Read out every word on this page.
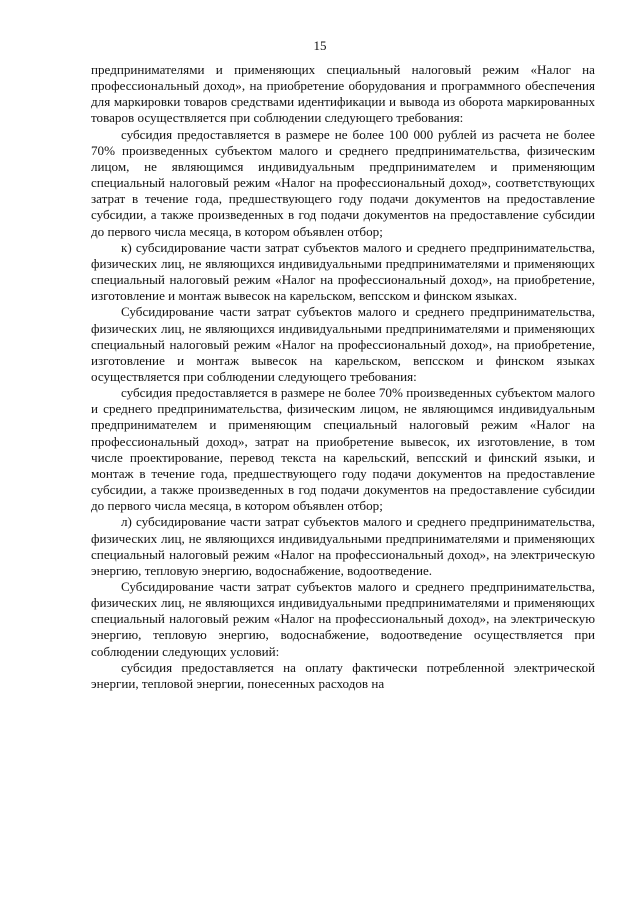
15

предпринимателями и применяющих специальный налоговый режим «Налог на профессиональный доход», на приобретение оборудования и программного обеспечения для маркировки товаров средствами идентификации и вывода из оборота маркированных товаров осуществляется при соблюдении следующего требования:

субсидия предоставляется в размере не более 100 000 рублей из расчета не более 70% произведенных субъектом малого и среднего предпринимательства, физическим лицом, не являющимся индивидуальным предпринимателем и применяющим специальный налоговый режим «Налог на профессиональный доход», соответствующих затрат в течение года, предшествующего году подачи документов на предоставление субсидии, а также произведенных в год подачи документов на предоставление субсидии до первого числа месяца, в котором объявлен отбор;

к) субсидирование части затрат субъектов малого и среднего предпринимательства, физических лиц, не являющихся индивидуальными предпринимателями и применяющих специальный налоговый режим «Налог на профессиональный доход», на приобретение, изготовление и монтаж вывесок на карельском, вепсском и финском языках.

Субсидирование части затрат субъектов малого и среднего предпринимательства, физических лиц, не являющихся индивидуальными предпринимателями и применяющих специальный налоговый режим «Налог на профессиональный доход», на приобретение, изготовление и монтаж вывесок на карельском, вепсском и финском языках осуществляется при соблюдении следующего требования:

субсидия предоставляется в размере не более 70% произведенных субъектом малого и среднего предпринимательства, физическим лицом, не являющимся индивидуальным предпринимателем и применяющим специальный налоговый режим «Налог на профессиональный доход», затрат на приобретение вывесок, их изготовление, в том числе проектирование, перевод текста на карельский, вепсский и финский языки, и монтаж в течение года, предшествующего году подачи документов на предоставление субсидии, а также произведенных в год подачи документов на предоставление субсидии до первого числа месяца, в котором объявлен отбор;

л) субсидирование части затрат субъектов малого и среднего предпринимательства, физических лиц, не являющихся индивидуальными предпринимателями и применяющих специальный налоговый режим «Налог на профессиональный доход», на электрическую энергию, тепловую энергию, водоснабжение, водоотведение.

Субсидирование части затрат субъектов малого и среднего предпринимательства, физических лиц, не являющихся индивидуальными предпринимателями и применяющих специальный налоговый режим «Налог на профессиональный доход», на электрическую энергию, тепловую энергию, водоснабжение, водоотведение осуществляется при соблюдении следующих условий:

субсидия предоставляется на оплату фактически потребленной электрической энергии, тепловой энергии, понесенных расходов на
